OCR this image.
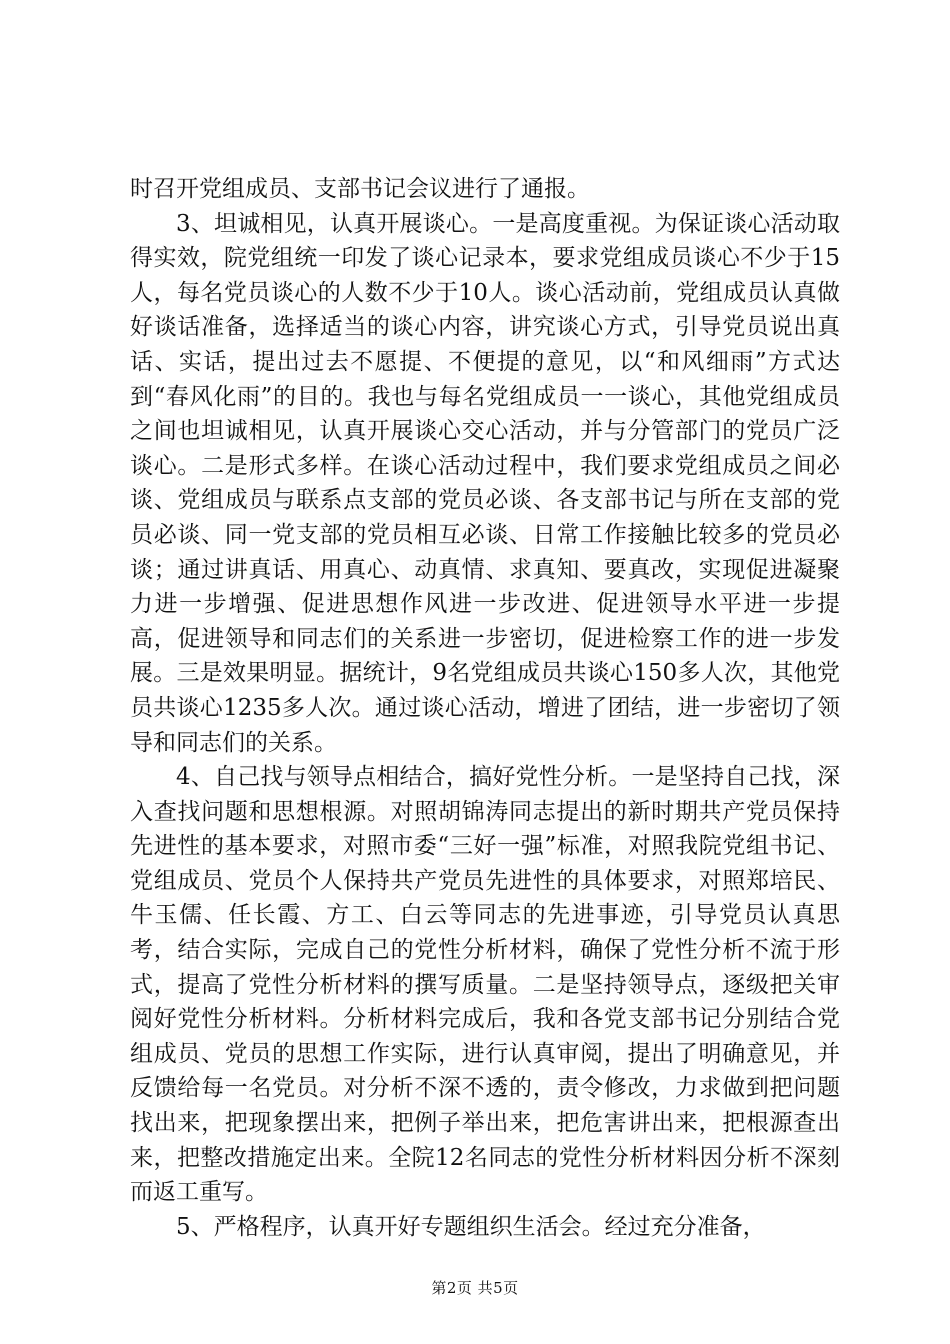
时召开党组成员、支部书记会议进行了通报。

3、坦诚相见，认真开展谈心。一是高度重视。为保证谈心活动取得实效，院党组统一印发了谈心记录本，要求党组成员谈心不少于15人，每名党员谈心的人数不少于10人。谈心活动前，党组成员认真做好谈话准备，选择适当的谈心内容，讲究谈心方式，引导党员说出真话、实话，提出过去不愿提、不便提的意见，以“和风细雨”方式达到“春风化雨”的目的。我也与每名党组成员一一谈心，其他党组成员之间也坦诚相见，认真开展谈心交心活动，并与分管部门的党员广泛谈心。二是形式多样。在谈心活动过程中，我们要求党组成员之间必谈、党组成员与联系点支部的党员必谈、各支部书记与所在支部的党员必谈、同一党支部的党员相互必谈、日常工作接触比较多的党员必谈；通过讲真话、用真心、动真情、求真知、要真改，实现促进凝聚力进一步增强、促进思想作风进一步改进、促进领导水平进一步提高，促进领导和同志们的关系进一步密切，促进检察工作的进一步发展。三是效果明显。据统计，9名党组成员共谈心150多人次，其他党员共谈心1235多人次。通过谈心活动，增进了团结，进一步密切了领导和同志们的关系。

4、自己找与领导点相结合，搞好党性分析。一是坚持自己找，深入查找问题和思想根源。对照胡锦涛同志提出的新时期共产党员保持先进性的基本要求，对照市委“三好一强”标准，对照我院党组书记、党组成员、党员个人保持共产党员先进性的具体要求，对照郑培民、牛玉儒、任长霞、方工、白云等同志的先进事迹，引导党员认真思考，结合实际，完成自己的党性分析材料，确保了党性分析不流于形式，提高了党性分析材料的撰写质量。二是坚持领导点，逐级把关审阅好党性分析材料。分析材料完成后，我和各党支部书记分别结合党组成员、党员的思想工作实际，进行认真审阅，提出了明确意见，并反馈给每一名党员。对分析不深不透的，责令修改，力求做到把问题找出来，把现象摆出来，把例子举出来，把危害讲出来，把根源查出来，把整改措施定出来。全院12名同志的党性分析材料因分析不深刻而返工重写。

5、严格程序，认真开好专题组织生活会。经过充分准备，

第2页 共5页
